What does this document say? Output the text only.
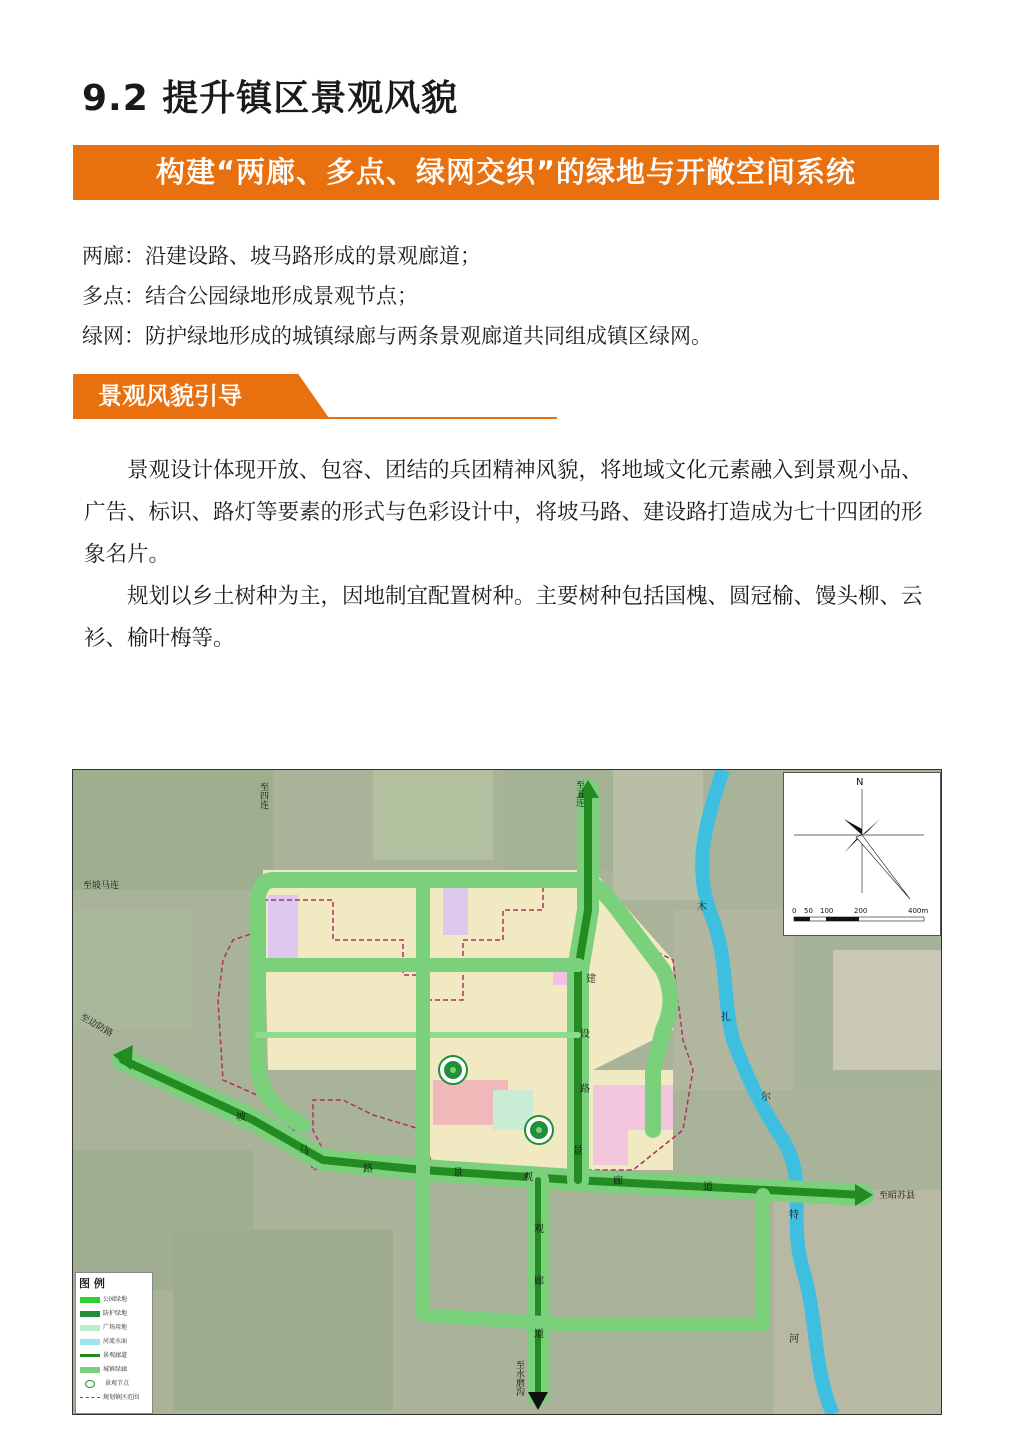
9.2 提升镇区景观风貌
构建“两廊、多点、绿网交织”的绿地与开敞空间系统
两廊：沿建设路、坡马路形成的景观廊道；
多点：结合公园绿地形成景观节点；
绿网：防护绿地形成的城镇绿廊与两条景观廊道共同组成镇区绿网。
景观风貌引导

景观设计体现开放、包容、团结的兵团精神风貌，将地域文化元素融入到景观小品、广告、标识、路灯等要素的形式与色彩设计中，将坡马路、建设路打造成为七十四团的形象名片。

规划以乡土树种为主，因地制宜配置树种。主要树种包括国槐、圆冠榆、馒头柳、云衫、榆叶梅等。

至四连
至坡马连
至五连
至边防路
至昭苏县
至水磨沟
坡
马
路	景	观	廊
道
建
设
路
景
观
廊
道
木
扎
尔
特
河
N
0 50 100	200	400m
图 例
公园绿地
防护绿地
广场用地
河流水面
景观廊道
城镇绿廊
景观节点
规划镇区范围
